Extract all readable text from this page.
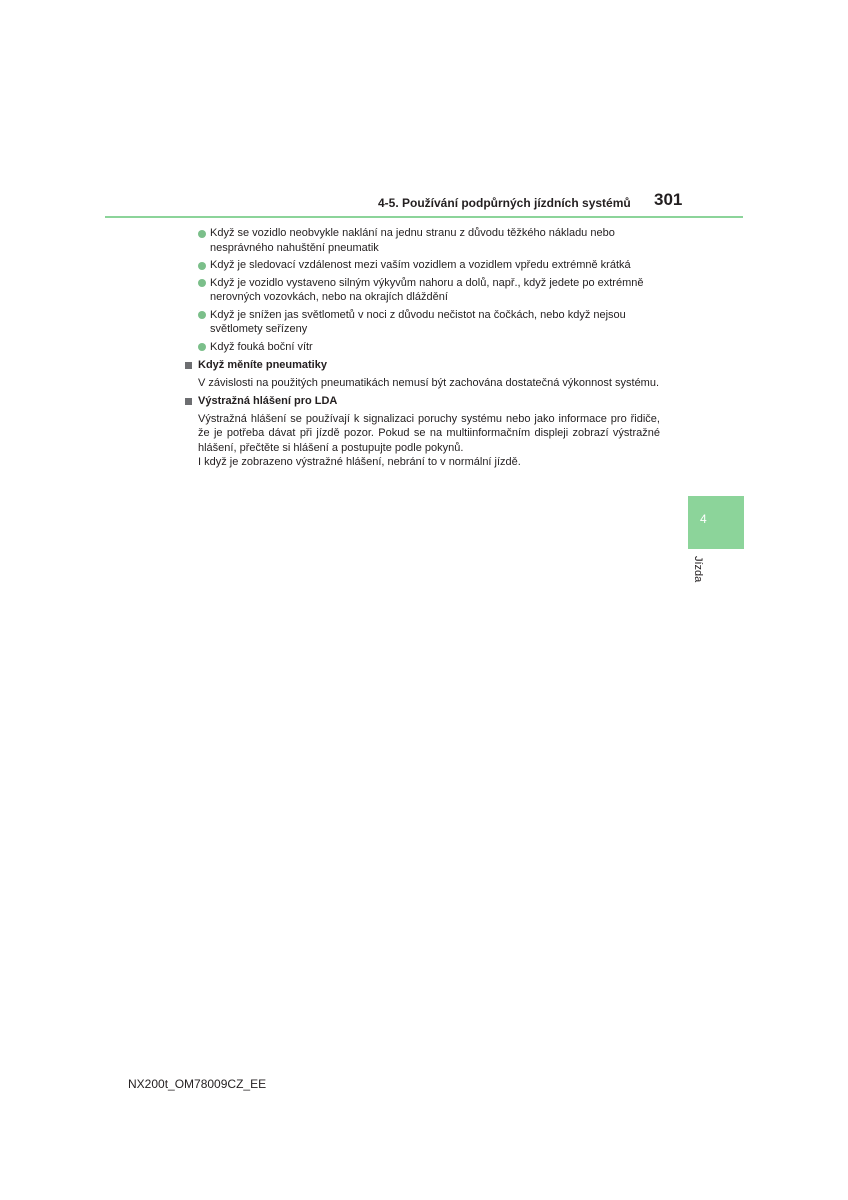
4-5. Používání podpůrných jízdních systémů 301
Když se vozidlo neobvykle naklání na jednu stranu z důvodu těžkého nákladu nebo nesprávného nahuštění pneumatik
Když je sledovací vzdálenost mezi vaším vozidlem a vozidlem vpředu extrémně krátká
Když je vozidlo vystaveno silným výkyvům nahoru a dolů, např., když jedete po extrémně nerovných vozovkách, nebo na okrajích dláždění
Když je snížen jas světlometů v noci z důvodu nečistot na čočkách, nebo když nejsou světlomety seřízeny
Když fouká boční vítr
Když měníte pneumatiky
V závislosti na použitých pneumatikách nemusí být zachována dostatečná výkonnost systému.
Výstražná hlášení pro LDA
Výstražná hlášení se používají k signalizaci poruchy systému nebo jako informace pro řidiče, že je potřeba dávat při jízdě pozor. Pokud se na multiinformačním displeji zobrazí výstražné hlášení, přečtěte si hlášení a postupujte podle pokynů.
I když je zobrazeno výstražné hlášení, nebrání to v normální jízdě.
4
Jízda
NX200t_OM78009CZ_EE
